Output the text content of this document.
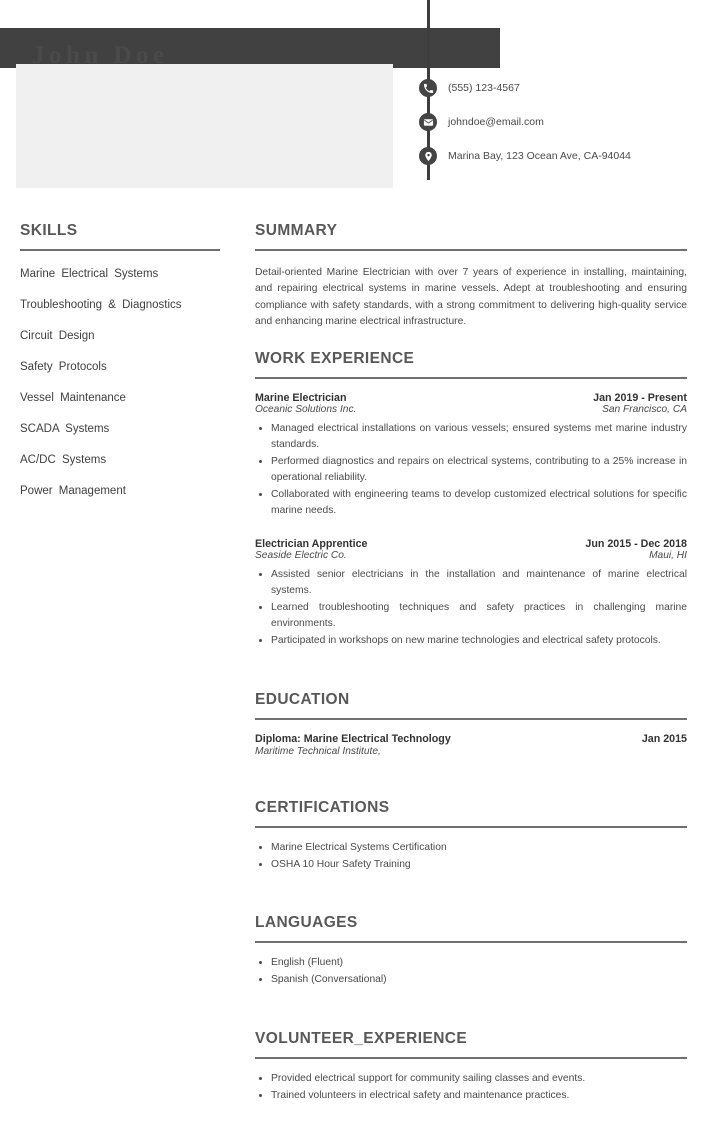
John Doe
(555) 123-4567
johndoe@email.com
Marina Bay, 123 Ocean Ave, CA-94044
SKILLS
Marine Electrical Systems
Troubleshooting & Diagnostics
Circuit Design
Safety Protocols
Vessel Maintenance
SCADA Systems
AC/DC Systems
Power Management
SUMMARY

Detail-oriented Marine Electrician with over 7 years of experience in installing, maintaining, and repairing electrical systems in marine vessels. Adept at troubleshooting and ensuring compliance with safety standards, with a strong commitment to delivering high-quality service and enhancing marine electrical infrastructure.

WORK EXPERIENCE
Marine Electrician	Jan 2019 - Present
Oceanic Solutions Inc.	San Francisco, CA
Managed electrical installations on various vessels; ensured systems met marine industry standards.
Performed diagnostics and repairs on electrical systems, contributing to a 25% increase in operational reliability.
Collaborated with engineering teams to develop customized electrical solutions for specific marine needs.
Electrician Apprentice	Jun 2015 - Dec 2018
Seaside Electric Co.	Maui, HI
Assisted senior electricians in the installation and maintenance of marine electrical systems.
Learned troubleshooting techniques and safety practices in challenging marine environments.
Participated in workshops on new marine technologies and electrical safety protocols.
EDUCATION
Diploma: Marine Electrical Technology	Jan 2015
Maritime Technical Institute,
CERTIFICATIONS
Marine Electrical Systems Certification
OSHA 10 Hour Safety Training
LANGUAGES
English (Fluent)
Spanish (Conversational)
VOLUNTEER_EXPERIENCE
Provided electrical support for community sailing classes and events.
Trained volunteers in electrical safety and maintenance practices.
